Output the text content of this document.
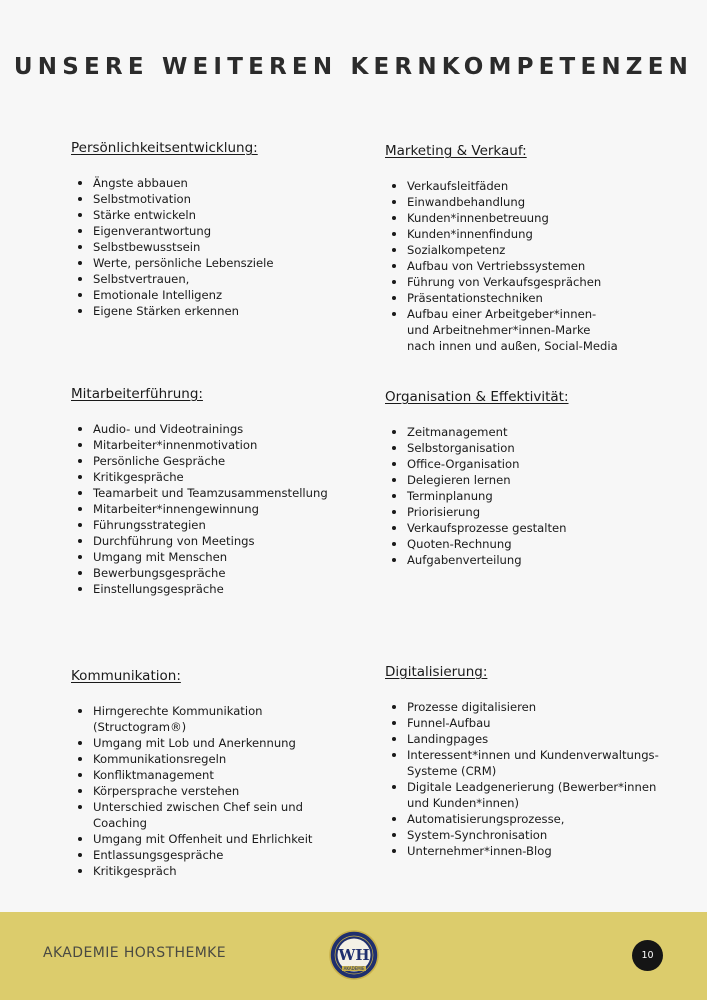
UNSERE WEITEREN KERNKOMPETENZEN
Persönlichkeitsentwicklung:
Ängste abbauen
Selbstmotivation
Stärke entwickeln
Eigenverantwortung
Selbstbewusstsein
Werte, persönliche Lebensziele
Selbstvertrauen,
Emotionale Intelligenz
Eigene Stärken erkennen
Marketing & Verkauf:
Verkaufsleitfäden
Einwandbehandlung
Kunden*innenbetreuung
Kunden*innenfindung
Sozialkompetenz
Aufbau von Vertriebssystemen
Führung von Verkaufsgesprächen
Präsentationstechniken
Aufbau einer Arbeitgeber*innen-
und Arbeitnehmer*innen-Marke
nach innen und außen, Social-Media
Mitarbeiterführung:
Audio- und Videotrainings
Mitarbeiter*innenmotivation
Persönliche Gespräche
Kritikgespräche
Teamarbeit und Teamzusammenstellung
Mitarbeiter*innengewinnung
Führungsstrategien
Durchführung von Meetings
Umgang mit Menschen
Bewerbungsgespräche
Einstellungsgespräche
Organisation & Effektivität:
Zeitmanagement
Selbstorganisation
Office-Organisation
Delegieren lernen
Terminplanung
Priorisierung
Verkaufsprozesse gestalten
Quoten-Rechnung
Aufgabenverteilung
Kommunikation:
Hirngerechte Kommunikation
(Structogram®)
Umgang mit Lob und Anerkennung
Kommunikationsregeln
Konfliktmanagement
Körpersprache verstehen
Unterschied zwischen Chef sein und
Coaching
Umgang mit Offenheit und Ehrlichkeit
Entlassungsgespräche
Kritikgespräch
Digitalisierung:
Prozesse digitalisieren
Funnel-Aufbau
Landingpages
Interessent*innen und Kundenverwaltungs-
Systeme (CRM)
Digitale Leadgenerierung (Bewerber*innen
und Kunden*innen)
Automatisierungsprozesse,
System-Synchronisation
Unternehmer*innen-Blog
AKADEMIE HORSTHEMKE	WH
AKADEMIE
10
